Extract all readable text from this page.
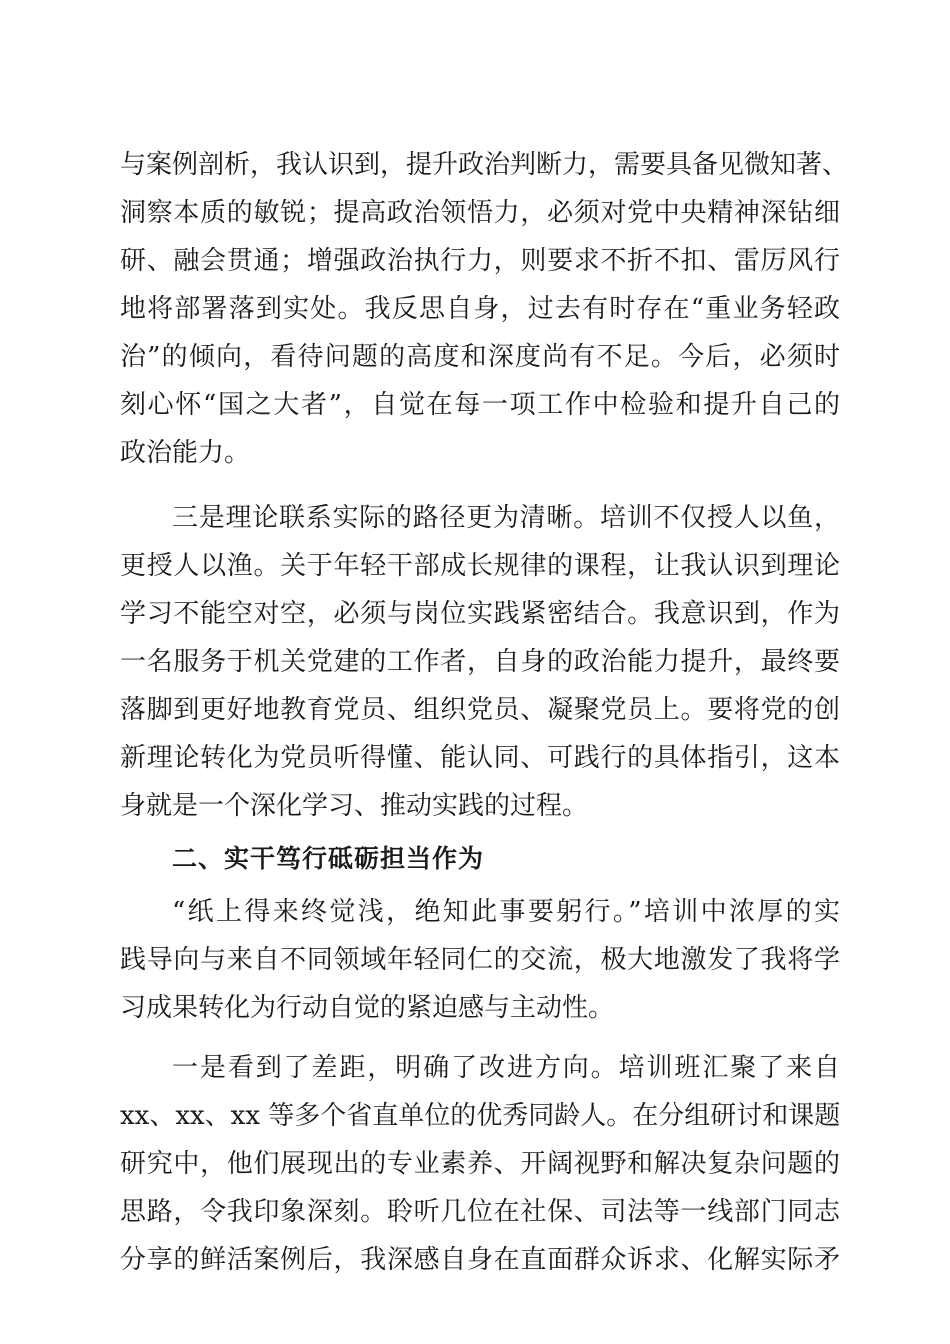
与案例剖析，我认识到，提升政治判断力，需要具备见微知著、
洞察本质的敏锐；提高政治领悟力，必须对党中央精神深钻细
研、融会贯通；增强政治执行力，则要求不折不扣、雷厉风行
地将部署落到实处。我反思自身，过去有时存在“重业务轻政
治”的倾向，看待问题的高度和深度尚有不足。今后，必须时
刻心怀“国之大者”，自觉在每一项工作中检验和提升自己的
政治能力。
三是理论联系实际的路径更为清晰。培训不仅授人以鱼，
更授人以渔。关于年轻干部成长规律的课程，让我认识到理论
学习不能空对空，必须与岗位实践紧密结合。我意识到，作为
一名服务于机关党建的工作者，自身的政治能力提升，最终要
落脚到更好地教育党员、组织党员、凝聚党员上。要将党的创
新理论转化为党员听得懂、能认同、可践行的具体指引，这本
身就是一个深化学习、推动实践的过程。
二、实干笃行砥砺担当作为
“纸上得来终觉浅，绝知此事要躬行。”培训中浓厚的实
践导向与来自不同领域年轻同仁的交流，极大地激发了我将学
习成果转化为行动自觉的紧迫感与主动性。
一是看到了差距，明确了改进方向。培训班汇聚了来自
xx、xx、xx 等多个省直单位的优秀同龄人。在分组研讨和课题
研究中，他们展现出的专业素养、开阔视野和解决复杂问题的
思路，令我印象深刻。聆听几位在社保、司法等一线部门同志
分享的鲜活案例后，我深感自身在直面群众诉求、化解实际矛
